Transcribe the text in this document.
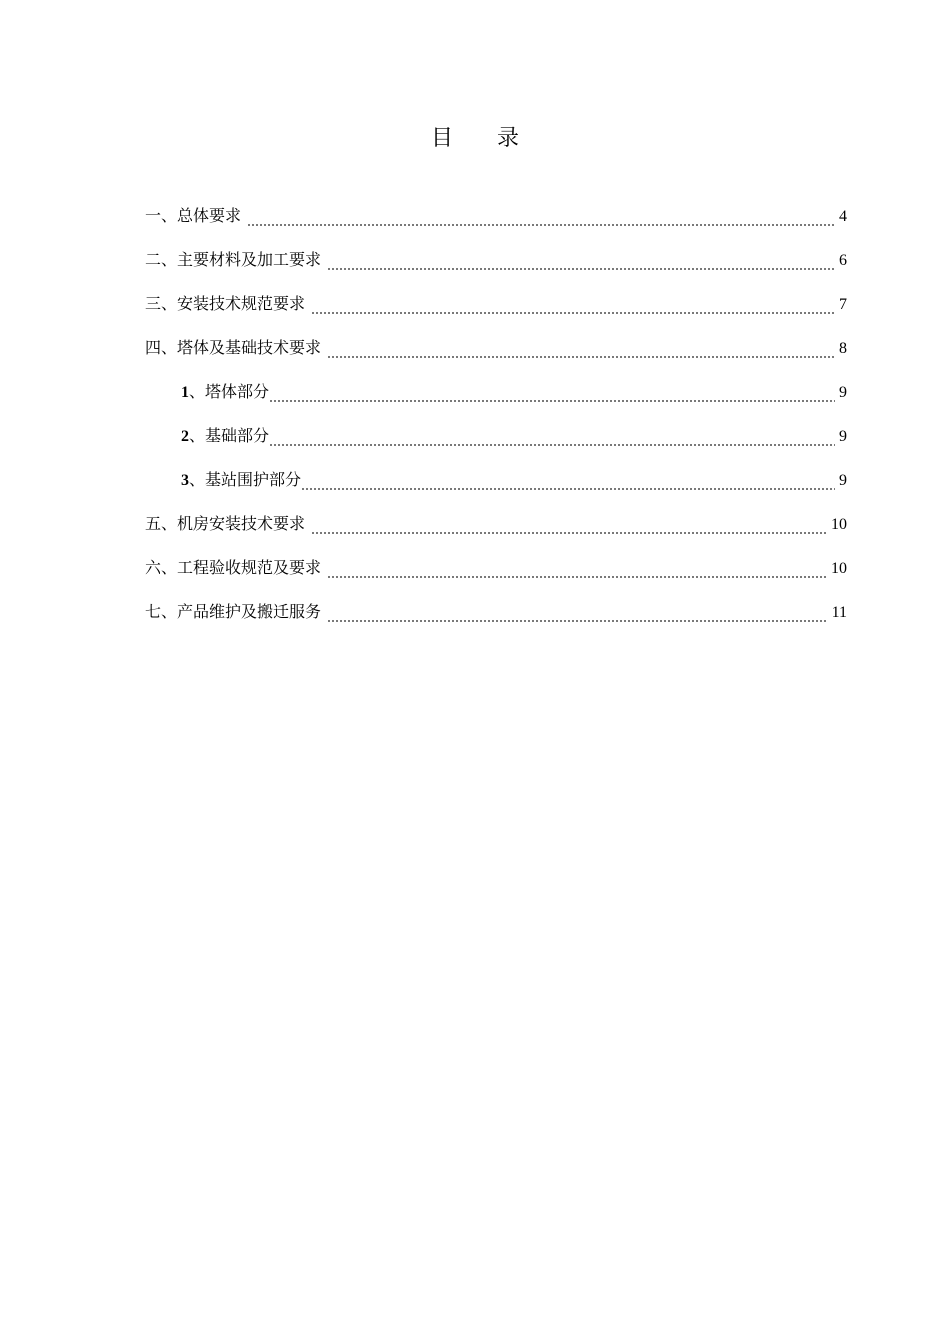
目 录
一、总体要求	4
二、主要材料及加工要求	6
三、安装技术规范要求	7
四、塔体及基础技术要求	8
1、塔体部分	9
2、基础部分	9
3、基站围护部分	9
五、机房安装技术要求	10
六、工程验收规范及要求	10
七、产品维护及搬迁服务	11
